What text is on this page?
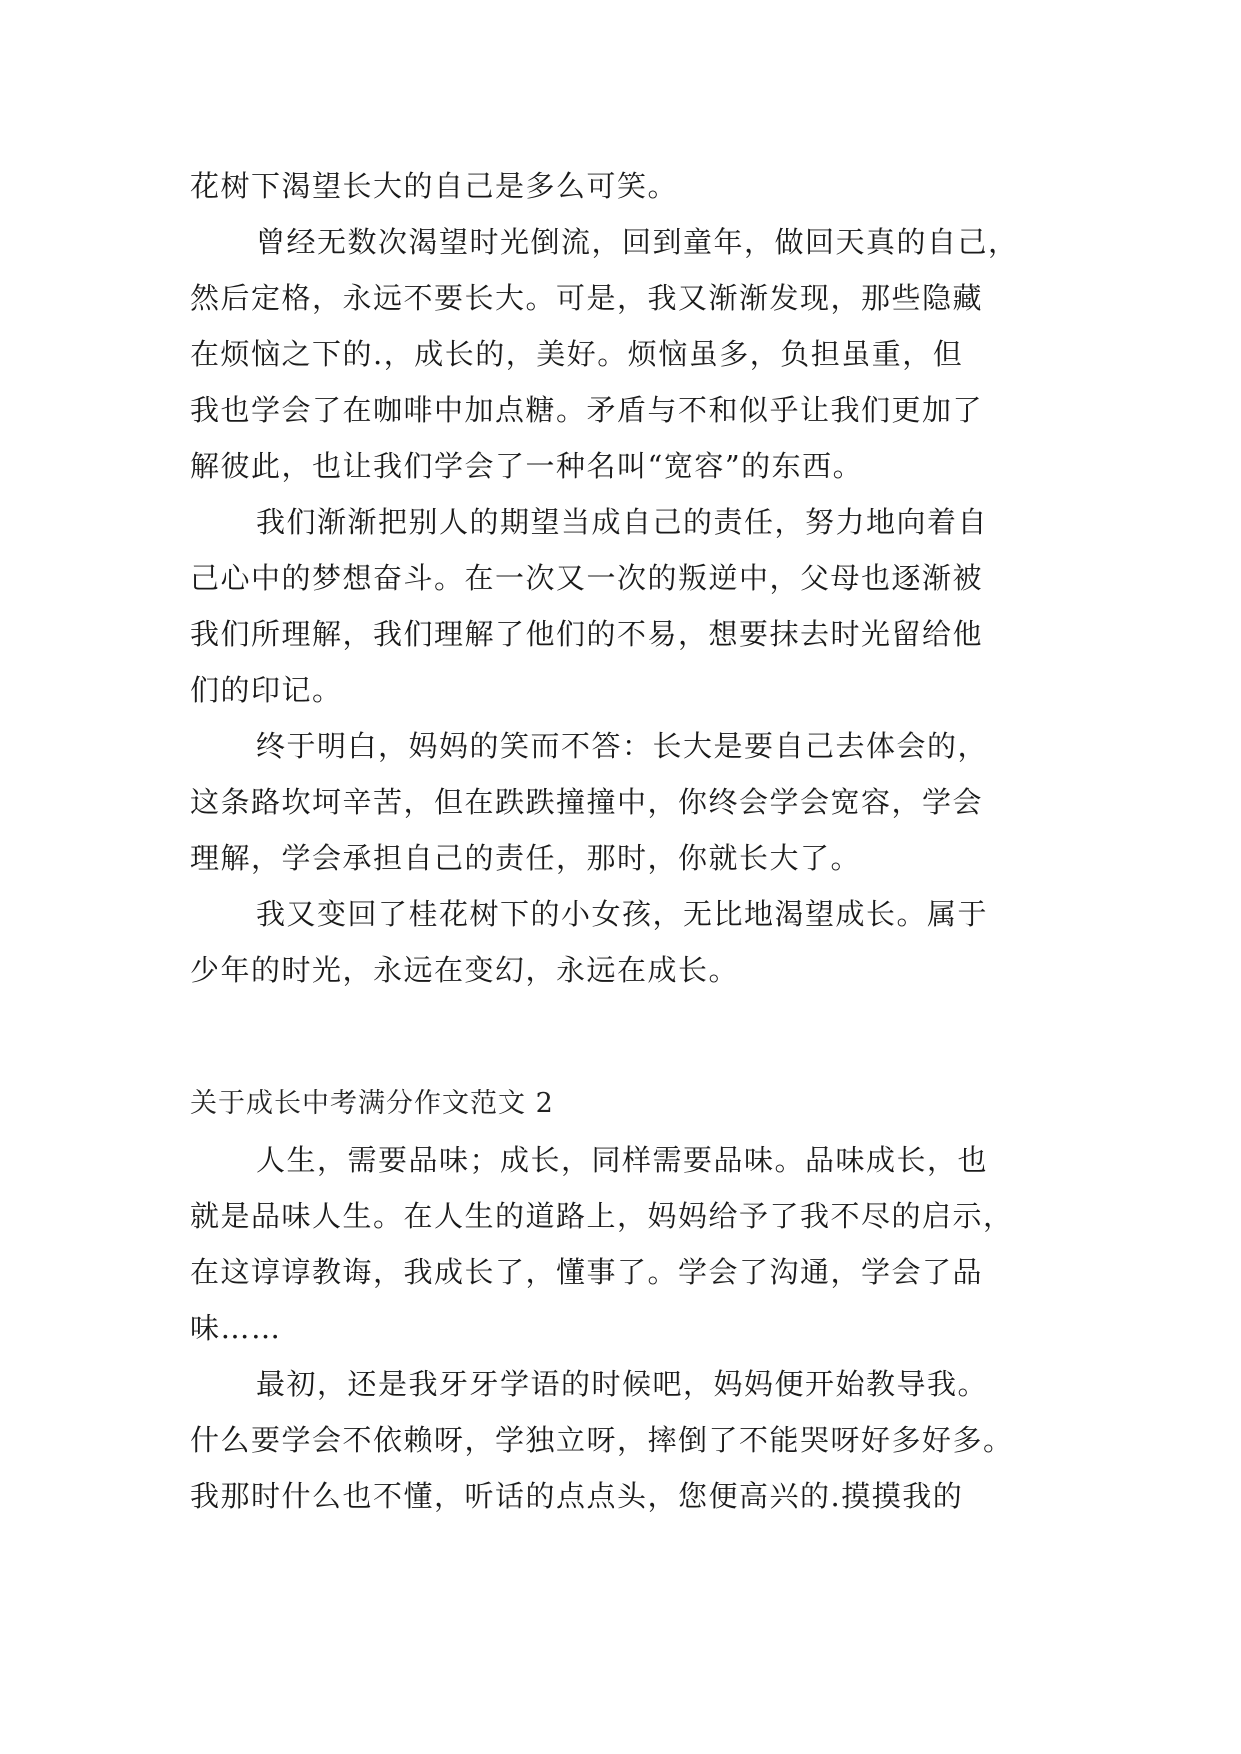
花树下渴望长大的自己是多么可笑。
曾经无数次渴望时光倒流，回到童年，做回天真的自己，
然后定格，永远不要长大。可是，我又渐渐发现，那些隐藏
在烦恼之下的.，成长的，美好。烦恼虽多，负担虽重，但
我也学会了在咖啡中加点糖。矛盾与不和似乎让我们更加了
解彼此，也让我们学会了一种名叫“宽容”的东西。
我们渐渐把别人的期望当成自己的责任，努力地向着自
己心中的梦想奋斗。在一次又一次的叛逆中，父母也逐渐被
我们所理解，我们理解了他们的不易，想要抹去时光留给他
们的印记。
终于明白，妈妈的笑而不答：长大是要自己去体会的，
这条路坎坷辛苦，但在跌跌撞撞中，你终会学会宽容，学会
理解，学会承担自己的责任，那时，你就长大了。
我又变回了桂花树下的小女孩，无比地渴望成长。属于
少年的时光，永远在变幻，永远在成长。
关于成长中考满分作文范文 2
人生，需要品味；成长，同样需要品味。品味成长，也
就是品味人生。在人生的道路上，妈妈给予了我不尽的启示，
在这谆谆教诲，我成长了，懂事了。学会了沟通，学会了品
味……
最初，还是我牙牙学语的时候吧，妈妈便开始教导我。
什么要学会不依赖呀，学独立呀，摔倒了不能哭呀好多好多。
我那时什么也不懂，听话的点点头，您便高兴的.摸摸我的
